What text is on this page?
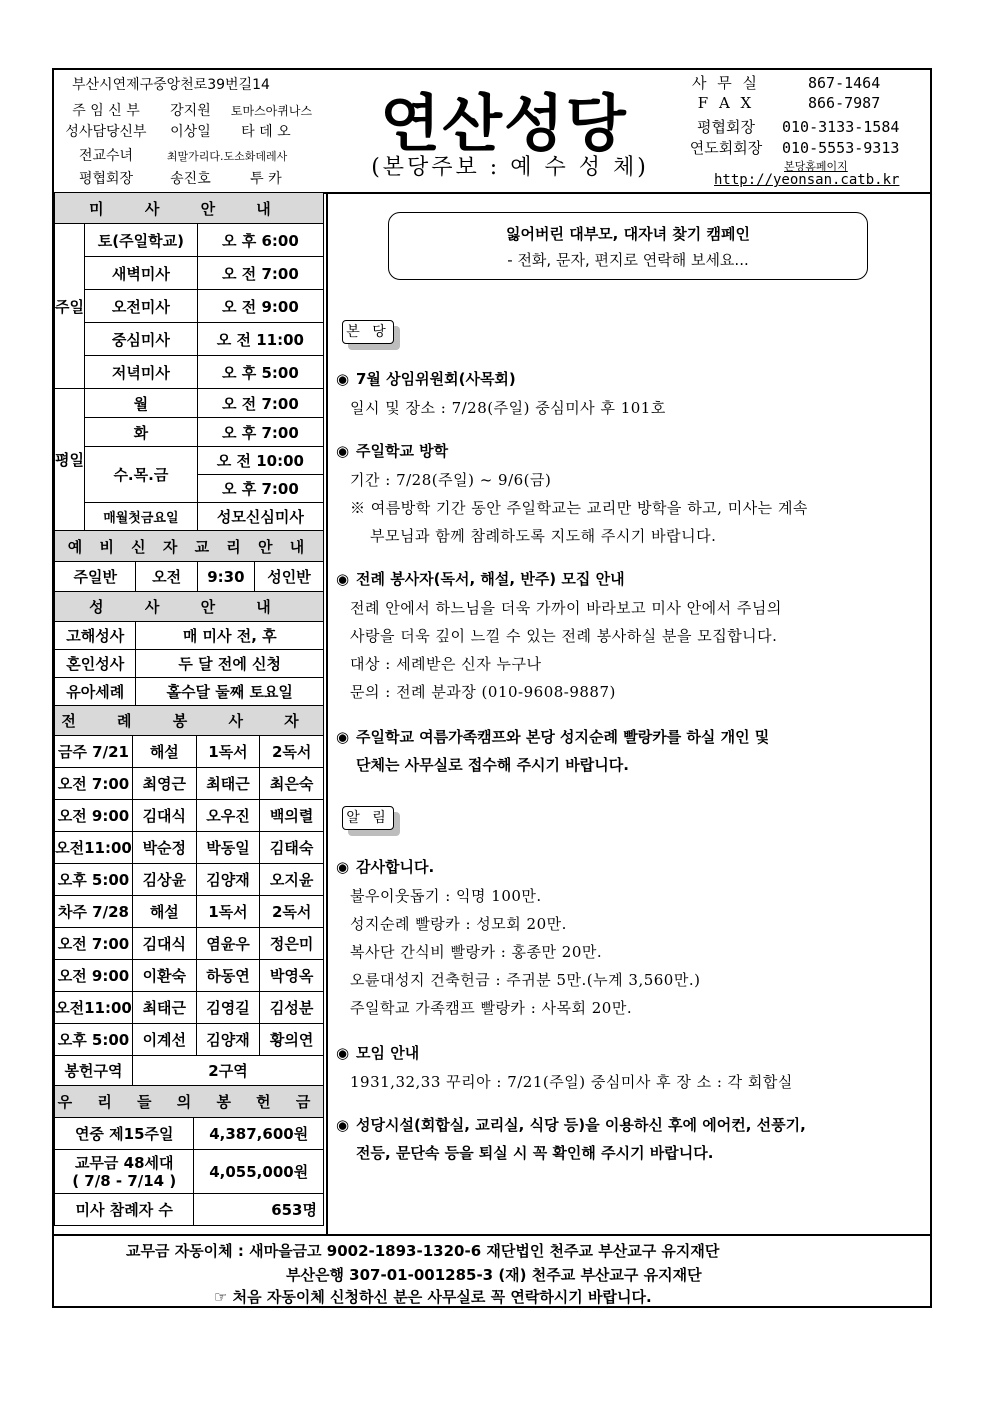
부산시연제구중앙천로39번길14
주 임 신 부 강지원 토마스아퀴나스
성사담당신부 이상일 타 데 오
전교수녀	최말가리다.도소화데레사
평협회장	송진호	투 카
연산성당
(본당주보 : 예 수 성 체)
사 무 실	867-1464
F A X	866-7987
평협회장 010-3133-1584
연도회회장 010-5553-9313
본당홈페이지
http://yeonsan.catb.kr
미 사 안 내				
주일	토(주일학교)		오 후 6:00	
	새벽미사		오 전 7:00	
	오전미사		오 전 9:00	
	중심미사		오 전 11:00	
	저녁미사		오 후 5:00	
평일	월		오 전 7:00	
	화		오 후 7:00	
	수.목.금		오 전 10:00	
			오 후 7:00	
	매월첫금요일		성모신심미사	
예 비 신 자 교 리 안 내				
주일반		오전	9:30	성인반
성 사 안 내				
고해성사		매 미사 전, 후		
혼인성사		두 달 전에 신청		
유아세례		홀수달 둘째 토요일		
전 례 봉 사 자				
금주 7/21	해설	1독서	2독서
오전 7:00	최영근	최태근	최은숙
오전 9:00	김대식	오우진	백의렬
오전11:00	박순정	박동일	김태숙
오후 5:00	김상윤	김양재	오지윤
차주 7/28	해설	1독서	2독서
오전 7:00	김대식	염윤우	정은미
오전 9:00	이환숙	하동연	박영옥
오전11:00	최태근	김영길	김성분
오후 5:00	이계선	김양재	황의연
봉헌구역	2구역		
우 리 들 의 봉 헌 금			
연중 제15주일	4,387,600원
교무금 48세대
( 7/8 - 7/14 )	4,055,000원
미사 참례자 수	653명
잃어버린 대부모, 대자녀 찾기 캠페인
- 전화, 문자, 편지로 연락해 보세요...
본 당
◉ 7월 상임위원회(사목회)
일시 및 장소 : 7/28(주일) 중심미사 후 101호
◉ 주일학교 방학
기간 : 7/28(주일) ~ 9/6(금)
※ 여름방학 기간 동안 주일학교는 교리만 방학을 하고, 미사는 계속
부모님과 함께 참례하도록 지도해 주시기 바랍니다.
◉ 전례 봉사자(독서, 해설, 반주) 모집 안내
전례 안에서 하느님을 더욱 가까이 바라보고 미사 안에서 주님의
사랑을 더욱 깊이 느낄 수 있는 전례 봉사하실 분을 모집합니다.
대상 : 세례받은 신자 누구나
문의 : 전례 분과장 (010-9608-9887)
◉ 주일학교 여름가족캠프와 본당 성지순례 빨랑카를 하실 개인 및
단체는 사무실로 접수해 주시기 바랍니다.
알 림
◉ 감사합니다.
불우이웃돕기 : 익명 100만.
성지순례 빨랑카 : 성모회 20만.
복사단 간식비 빨랑카 : 홍종만 20만.
오륜대성지 건축헌금 : 주귀분 5만.(누계 3,560만.)
주일학교 가족캠프 빨랑카 : 사목회 20만.
◉ 모임 안내
1931,32,33 꾸리아 : 7/21(주일) 중심미사 후 장 소 : 각 회합실
◉ 성당시설(회합실, 교리실, 식당 등)을 이용하신 후에 에어컨, 선풍기,
전등, 문단속 등을 퇴실 시 꼭 확인해 주시기 바랍니다.
교무금 자동이체 : 새마을금고 9002-1893-1320-6 재단법인 천주교 부산교구 유지재단
부산은행 307-01-001285-3 (재) 천주교 부산교구 유지재단
☞ 처음 자동이체 신청하신 분은 사무실로 꼭 연락하시기 바랍니다.
